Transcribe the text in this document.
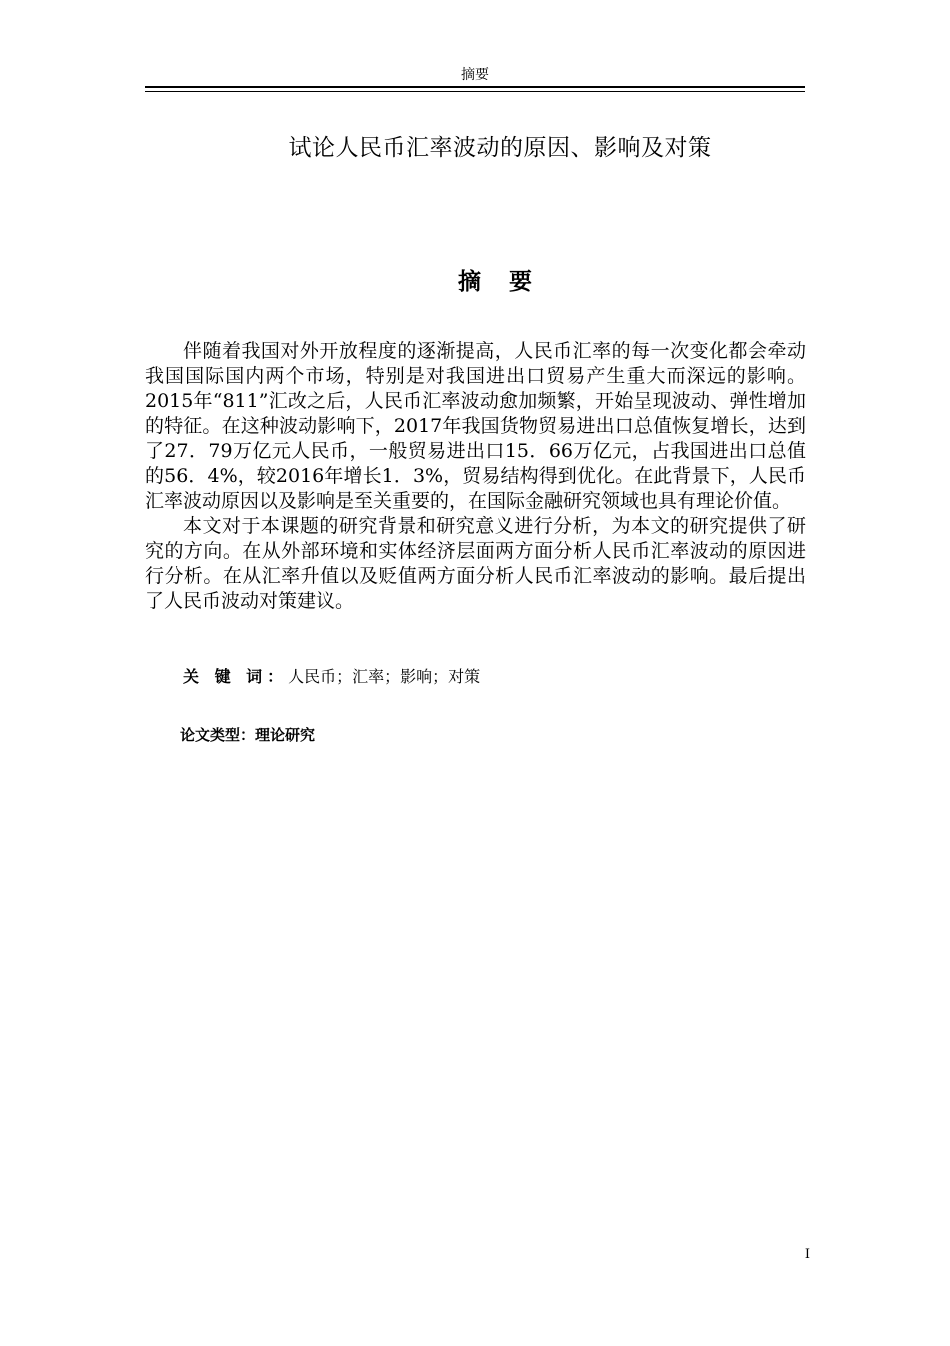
摘要
试论人民币汇率波动的原因、影响及对策
摘 要

伴随着我国对外开放程度的逐渐提高，人民币汇率的每一次变化都会牵动我国国际国内两个市场，特别是对我国进出口贸易产生重大而深远的影响。2015年“811”汇改之后，人民币汇率波动愈加频繁，开始呈现波动、弹性增加的特征。在这种波动影响下，2017年我国货物贸易进出口总值恢复增长，达到了27．79万亿元人民币，一般贸易进出口15．66万亿元，占我国进出口总值的56．4%，较2016年增长1．3%，贸易结构得到优化。在此背景下，人民币汇率波动原因以及影响是至关重要的，在国际金融研究领域也具有理论价值。

本文对于本课题的研究背景和研究意义进行分析，为本文的研究提供了研究的方向。在从外部环境和实体经济层面两方面分析人民币汇率波动的原因进行分析。在从汇率升值以及贬值两方面分析人民币汇率波动的影响。最后提出了人民币波动对策建议。

关 键 词：人民币；汇率；影响；对策
论文类型：理论研究
I
